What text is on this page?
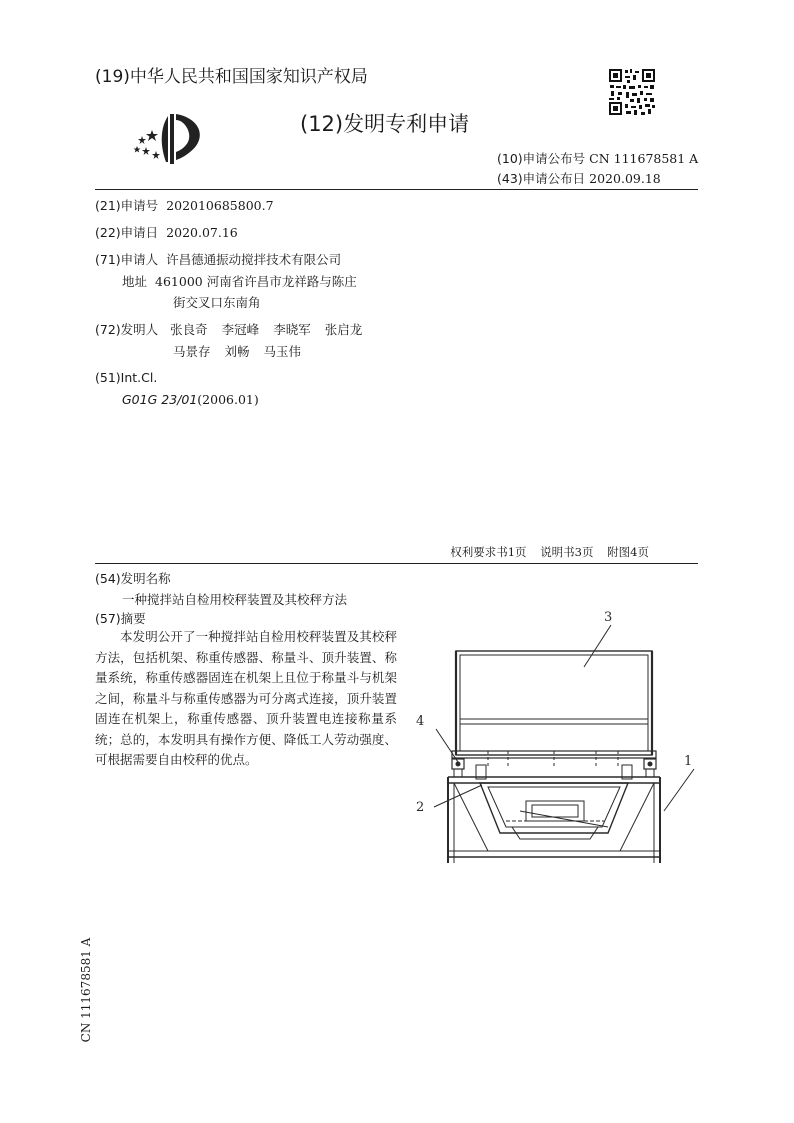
(19)中华人民共和国国家知识产权局
(12)发明专利申请
(10)申请公布号 CN 111678581 A
(43)申请公布日 2020.09.18
(21)申请号 202010685800.7
(22)申请日 2020.07.16
(71)申请人 许昌德通振动搅拌技术有限公司
地址 461000 河南省许昌市龙祥路与陈庄
街交叉口东南角
(72)发明人 张良奇 李冠峰 李晓军 张启龙
马景存 刘畅 马玉伟
(51)Int.Cl.
G01G 23/01(2006.01)
权利要求书1页 说明书3页 附图4页
(54)发明名称
一种搅拌站自检用校秤装置及其校秤方法
(57)摘要
本发明公开了一种搅拌站自检用校秤装置及其校秤方法，包括机架、称重传感器、称量斗、顶升装置、称量系统，称重传感器固连在机架上且位于称量斗与机架之间，称量斗与称重传感器为可分离式连接，顶升装置固连在机架上，称重传感器、顶升装置电连接称量系统；总的，本发明具有操作方便、降低工人劳动强度、可根据需要自由校秤的优点。
3
4
1
2
CN 111678581 A
